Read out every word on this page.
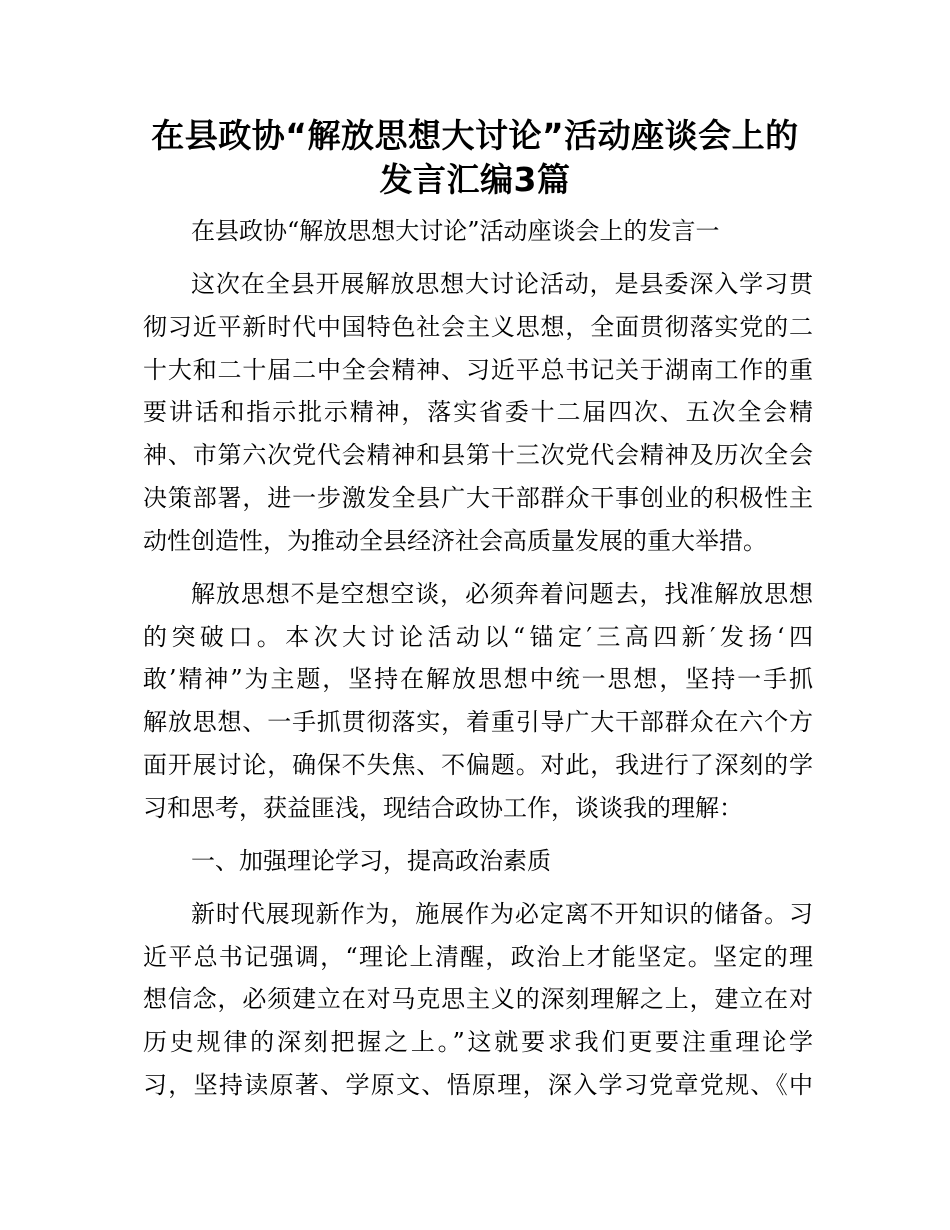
在县政协“解放思想大讨论”活动座谈会上的
发言汇编3篇
在县政协“解放思想大讨论”活动座谈会上的发言一
这次在全县开展解放思想大讨论活动，是县委深入学习贯
彻习近平新时代中国特色社会主义思想，全面贯彻落实党的二
十大和二十届二中全会精神、习近平总书记关于湖南工作的重
要讲话和指示批示精神，落实省委十二届四次、五次全会精
神、市第六次党代会精神和县第十三次党代会精神及历次全会
决策部署，进一步激发全县广大干部群众干事创业的积极性主
动性创造性，为推动全县经济社会高质量发展的重大举措。
解放思想不是空想空谈，必须奔着问题去，找准解放思想
的突破口。本次大讨论活动以“锚定′三高四新′发扬‘四
敢’精神”为主题，坚持在解放思想中统一思想，坚持一手抓
解放思想、一手抓贯彻落实，着重引导广大干部群众在六个方
面开展讨论，确保不失焦、不偏题。对此，我进行了深刻的学
习和思考，获益匪浅，现结合政协工作，谈谈我的理解：
一、加强理论学习，提高政治素质
新时代展现新作为，施展作为必定离不开知识的储备。习
近平总书记强调，“理论上清醒，政治上才能坚定。坚定的理
想信念，必须建立在对马克思主义的深刻理解之上，建立在对
历史规律的深刻把握之上。”这就要求我们更要注重理论学
习，坚持读原著、学原文、悟原理，深入学习党章党规、《中
